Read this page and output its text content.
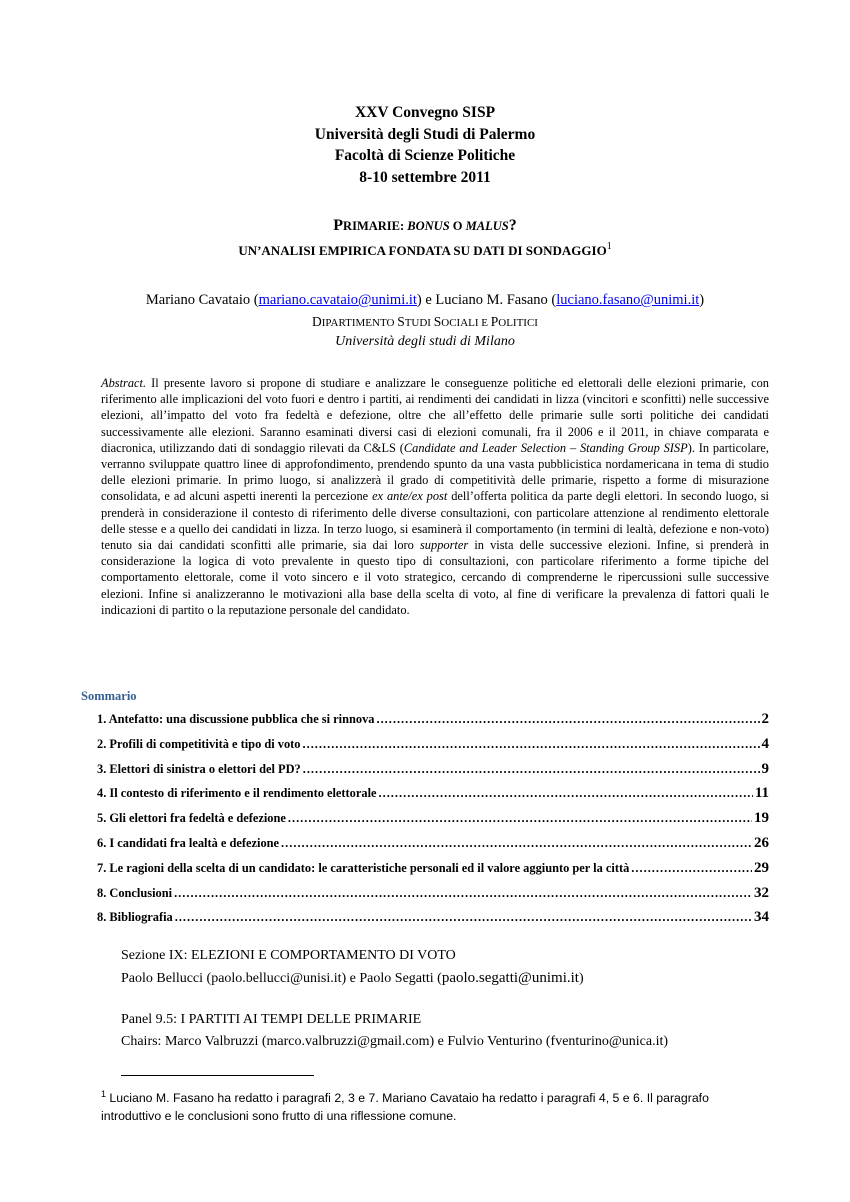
XXV Convegno SISP
Università degli Studi di Palermo
Facoltà di Scienze Politiche
8-10 settembre 2011
PRIMARIE: BONUS O MALUS?
UN’ANALISI EMPIRICA FONDATA SU DATI DI SONDAGGIO$^1$
Mariano Cavataio (mariano.cavataio@unimi.it) e Luciano M. Fasano (luciano.fasano@unimi.it)
DIPARTIMENTO STUDI SOCIALI E POLITICI
Università degli studi di Milano
Abstract. Il presente lavoro si propone di studiare e analizzare le conseguenze politiche ed elettorali delle elezioni primarie, con riferimento alle implicazioni del voto fuori e dentro i partiti, ai rendimenti dei candidati in lizza (vincitori e sconfitti) nelle successive elezioni, all’impatto del voto fra fedeltà e defezione, oltre che all’effetto delle primarie sulle sorti politiche dei candidati successivamente alle elezioni. Saranno esaminati diversi casi di elezioni comunali, fra il 2006 e il 2011, in chiave comparata e diacronica, utilizzando dati di sondaggio rilevati da C&LS (Candidate and Leader Selection – Standing Group SISP). In particolare, verranno sviluppate quattro linee di approfondimento, prendendo spunto da una vasta pubblicistica nordamericana in tema di studio delle elezioni primarie. In primo luogo, si analizzerà il grado di competitività delle primarie, rispetto a forme di misurazione consolidata, e ad alcuni aspetti inerenti la percezione ex ante/ex post dell’offerta politica da parte degli elettori. In secondo luogo, si prenderà in considerazione il contesto di riferimento delle diverse consultazioni, con particolare attenzione al rendimento elettorale delle stesse e a quello dei candidati in lizza. In terzo luogo, si esaminerà il comportamento (in termini di lealtà, defezione e non-voto) tenuto sia dai candidati sconfitti alle primarie, sia dai loro supporter in vista delle successive elezioni. Infine, si prenderà in considerazione la logica di voto prevalente in questo tipo di consultazioni, con particolare riferimento a forme tipiche del comportamento elettorale, come il voto sincero e il voto strategico, cercando di comprenderne le ripercussioni sulle successive elezioni. Infine si analizzeranno le motivazioni alla base della scelta di voto, al fine di verificare la prevalenza di fattori quali le indicazioni di partito o la reputazione personale del candidato.
Sommario
1. Antefatto: una discussione pubblica che si rinnova .....	2
2. Profili di competitività e tipo di voto .....	4
3. Elettori di sinistra o elettori del PD? .....	9
4. Il contesto di riferimento e il rendimento elettorale .....	11
5. Gli elettori fra fedeltà e defezione .....	19
6. I candidati fra lealtà e defezione .....	26
7. Le ragioni della scelta di un candidato: le caratteristiche personali ed il valore aggiunto per la città .....	29
8. Conclusioni .....	32
8. Bibliografia .....	34
Sezione IX: ELEZIONI E COMPORTAMENTO DI VOTO
Paolo Bellucci (paolo.bellucci@unisi.it) e Paolo Segatti (paolo.segatti@unimi.it)
Panel 9.5: I PARTITI AI TEMPI DELLE PRIMARIE
Chairs: Marco Valbruzzi (marco.valbruzzi@gmail.com) e Fulvio Venturino (fventurino@unica.it)
$^1$ Luciano M. Fasano ha redatto i paragrafi 2, 3 e 7. Mariano Cavataio ha redatto i paragrafi 4, 5 e 6. Il paragrafo introduttivo e le conclusioni sono frutto di una riflessione comune.
